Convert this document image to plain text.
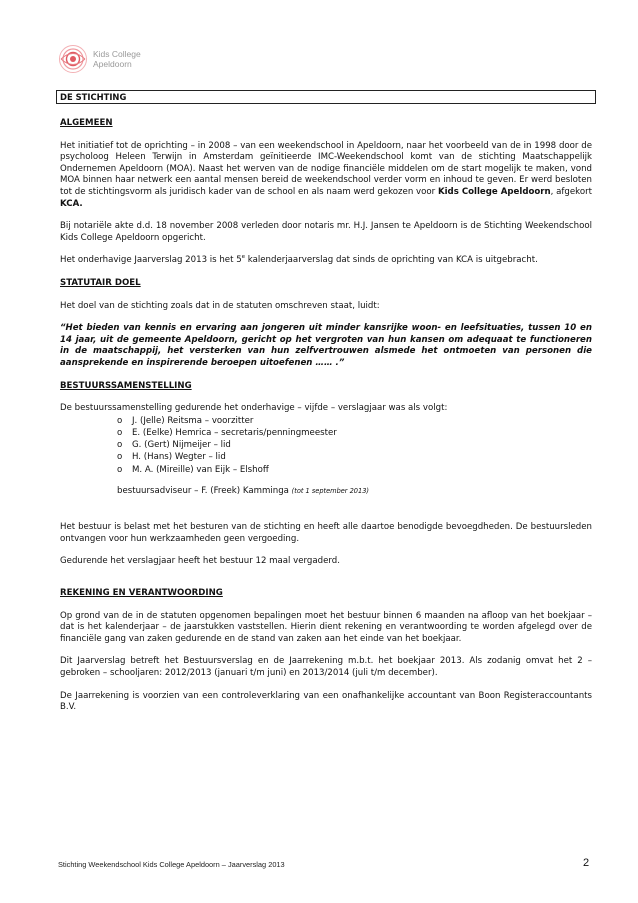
Kids College
Apeldoorn
DE STICHTING
ALGEMEEN

Het initiatief tot de oprichting – in 2008 – van een weekendschool in Apeldoorn, naar het voorbeeld van de in 1998 door de psycholoog Heleen Terwijn in Amsterdam geïnitieerde IMC-Weekendschool komt van de stichting Maatschappelijk Ondernemen Apeldoorn (MOA). Naast het werven van de nodige financiële middelen om de start mogelijk te maken, vond MOA binnen haar netwerk een aantal mensen bereid de weekendschool verder vorm en inhoud te geven. Er werd besloten tot de stichtingsvorm als juridisch kader van de school en als naam werd gekozen voor Kids College Apeldoorn, afgekort KCA.

Bij notariële akte d.d. 18 november 2008 verleden door notaris mr. H.J. Jansen te Apeldoorn is de Stichting Weekendschool Kids College Apeldoorn opgericht.

Het onderhavige Jaarverslag 2013 is het 5e kalenderjaarverslag dat sinds de oprichting van KCA is uitgebracht.

STATUTAIR DOEL

Het doel van de stichting zoals dat in de statuten omschreven staat, luidt:

“Het bieden van kennis en ervaring aan jongeren uit minder kansrijke woon- en leefsituaties, tussen 10 en 14 jaar, uit de gemeente Apeldoorn, gericht op het vergroten van hun kansen om adequaat te functioneren in de maatschappij, het versterken van hun zelfvertrouwen alsmede het ontmoeten van personen die aansprekende en inspirerende beroepen uitoefenen …… .”

BESTUURSSAMENSTELLING

De bestuurssamenstelling gedurende het onderhavige – vijfde – verslagjaar was als volgt:

o J. (Jelle) Reitsma – voorzitter
o E. (Eelke) Hemrica – secretaris/penningmeester
o G. (Gert) Nijmeijer – lid
o H. (Hans) Wegter – lid
o M. A. (Mireille) van Eijk – Elshoff
bestuursadviseur – F. (Freek) Kamminga (tot 1 september 2013)

Het bestuur is belast met het besturen van de stichting en heeft alle daartoe benodigde bevoegdheden. De bestuursleden ontvangen voor hun werkzaamheden geen vergoeding.

Gedurende het verslagjaar heeft het bestuur 12 maal vergaderd.

REKENING EN VERANTWOORDING

Op grond van de in de statuten opgenomen bepalingen moet het bestuur binnen 6 maanden na afloop van het boekjaar – dat is het kalenderjaar – de jaarstukken vaststellen. Hierin dient rekening en verantwoording te worden afgelegd over de financiële gang van zaken gedurende en de stand van zaken aan het einde van het boekjaar.

Dit Jaarverslag betreft het Bestuursverslag en de Jaarrekening m.b.t. het boekjaar 2013. Als zodanig omvat het 2 – gebroken – schooljaren: 2012/2013 (januari t/m juni) en 2013/2014 (juli t/m december).

De Jaarrekening is voorzien van een controleverklaring van een onafhankelijke accountant van Boon Registeraccountants B.V.

Stichting Weekendschool Kids College Apeldoorn – Jaarverslag 2013	2
